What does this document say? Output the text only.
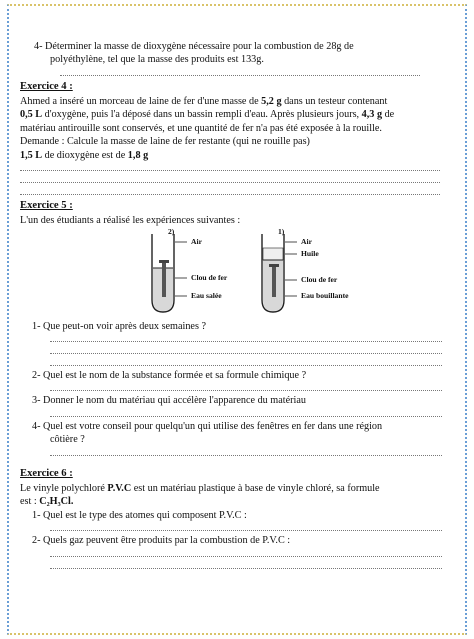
4- Déterminer la masse de dioxygène nécessaire pour la combustion de 28g de

polyéthylène, tel que la masse des produits est 133g.

Exercice 4 :

Ahmed a inséré un morceau de laine de fer d'une masse de 5,2 g dans un testeur contenant

0,5 L d'oxygène, puis l'a déposé dans un bassin rempli d'eau. Après plusieurs jours, 4,3 g de

matériau antirouille sont conservés, et une quantité de fer n'a pas été exposée à la rouille.

Demande : Calcule la masse de laine de fer restante (qui ne rouille pas)

1,5 L de dioxygène est de 1,8 g

Exercice 5 :

L'un des étudiants a réalisé les expériences suivantes :

2)	1)
Air	Air
Huile
Clou de fer	Clou de fer
Eau salée	Eau bouillante

1- Que peut-on voir après deux semaines ?

2- Quel est le nom de la substance formée et sa formule chimique ?

3- Donner le nom du matériau qui accélère l'apparence du matériau

4- Quel est votre conseil pour quelqu'un qui utilise des fenêtres en fer dans une région

côtière ?

Exercice 6 :

Le vinyle polychloré P.V.C est un matériau plastique à base de vinyle chloré, sa formule

est : C₂H₃Cl.

1- Quel est le type des atomes qui composent P.V.C :

2- Quels gaz peuvent être produits par la combustion de P.V.C :
